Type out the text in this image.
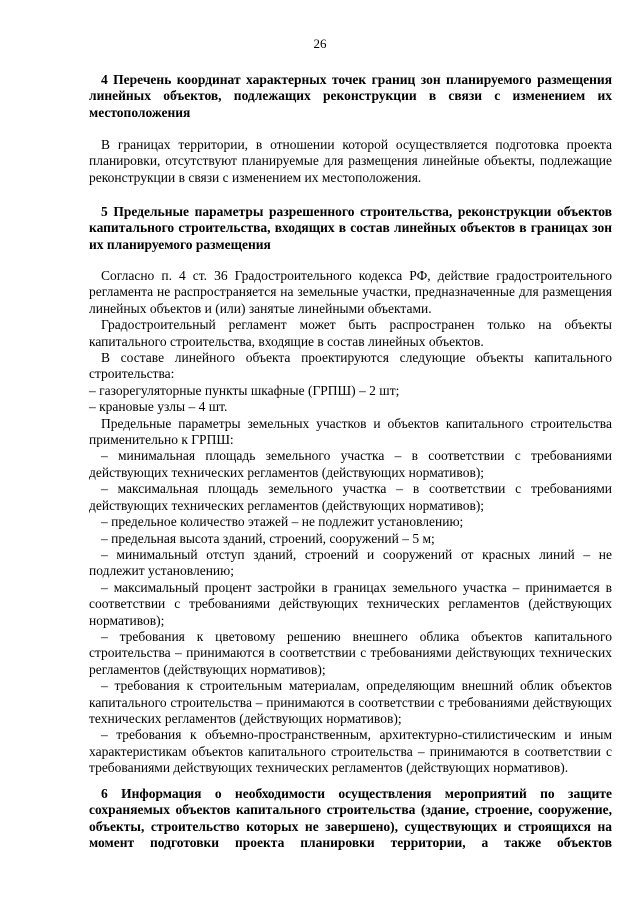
26

4 Перечень координат характерных точек границ зон планируемого размещения линейных объектов, подлежащих реконструкции в связи с изменением их местоположения

В границах территории, в отношении которой осуществляется подготовка проекта планировки, отсутствуют планируемые для размещения линейные объекты, подлежащие реконструкции в связи с изменением их местоположения.

5 Предельные параметры разрешенного строительства, реконструкции объектов капитального строительства, входящих в состав линейных объектов в границах зон их планируемого размещения

Согласно п. 4 ст. 36 Градостроительного кодекса РФ, действие градостроительного регламента не распространяется на земельные участки, предназначенные для размещения линейных объектов и (или) занятые линейными объектами.

Градостроительный регламент может быть распространен только на объекты капитального строительства, входящие в состав линейных объектов.

В составе линейного объекта проектируются следующие объекты капитального строительства:

– газорегуляторные пункты шкафные (ГРПШ) – 2 шт;

– крановые узлы – 4 шт.

Предельные параметры земельных участков и объектов капитального строительства применительно к ГРПШ:

– минимальная площадь земельного участка – в соответствии с требованиями действующих технических регламентов (действующих нормативов);

– максимальная площадь земельного участка – в соответствии с требованиями действующих технических регламентов (действующих нормативов);

– предельное количество этажей – не подлежит установлению;

– предельная высота зданий, строений, сооружений – 5 м;

– минимальный отступ зданий, строений и сооружений от красных линий – не подлежит установлению;

– максимальный процент застройки в границах земельного участка – принимается в соответствии с требованиями действующих технических регламентов (действующих нормативов);

– требования к цветовому решению внешнего облика объектов капитального строительства – принимаются в соответствии с требованиями действующих технических регламентов (действующих нормативов);

– требования к строительным материалам, определяющим внешний облик объектов капитального строительства – принимаются в соответствии с требованиями действующих технических регламентов (действующих нормативов);

– требования к объемно-пространственным, архитектурно-стилистическим и иным характеристикам объектов капитального строительства – принимаются в соответствии с требованиями действующих технических регламентов (действующих нормативов).

6 Информация о необходимости осуществления мероприятий по защите сохраняемых объектов капитального строительства (здание, строение, сооружение, объекты, строительство которых не завершено), существующих и строящихся на момент подготовки проекта планировки территории, а также объектов
